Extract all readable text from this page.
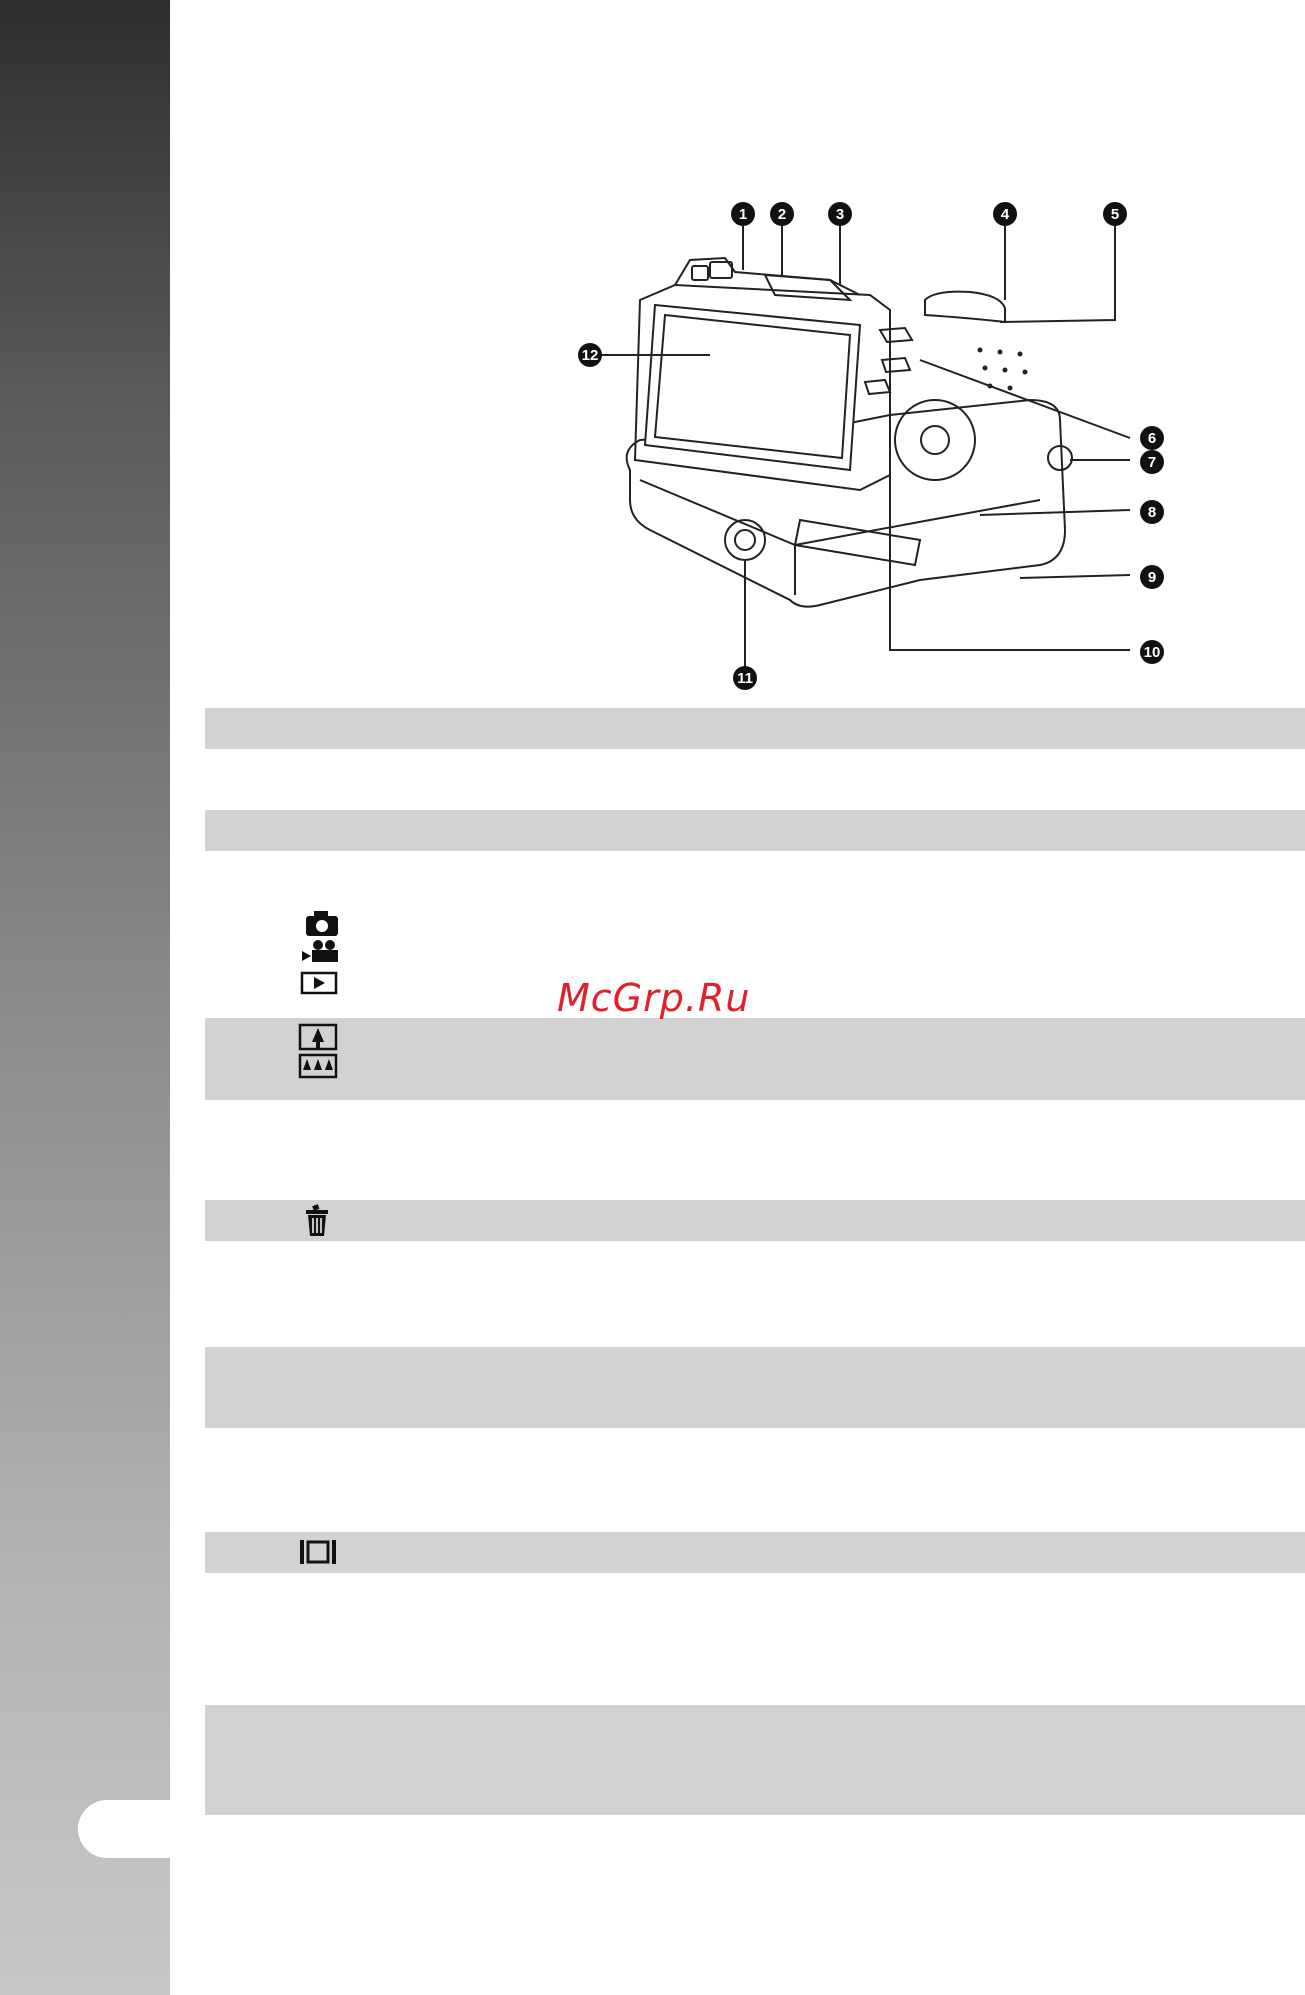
1 2	3	4	5
6
7
8
9
10
11
12
McGrp.Ru
